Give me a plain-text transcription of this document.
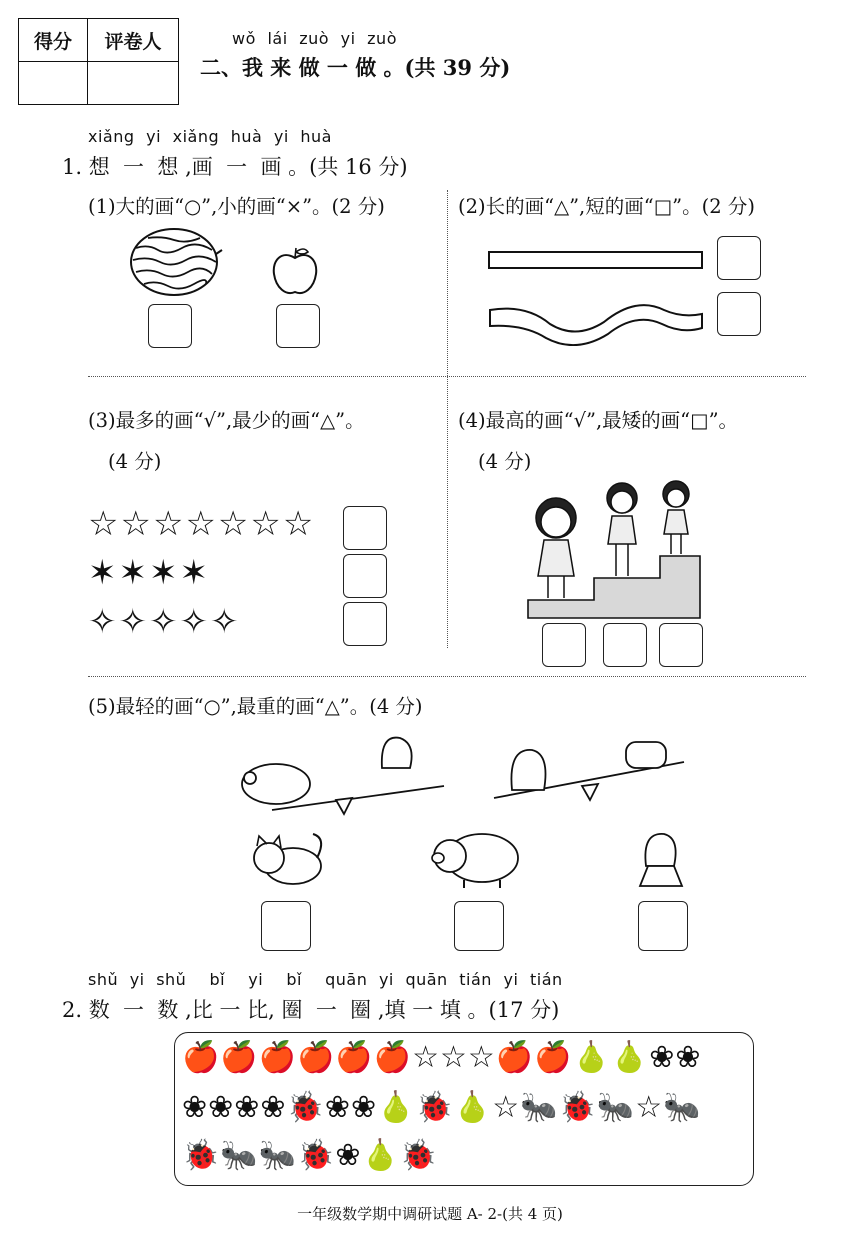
得分	评卷人
		wǒ lái zuò yi zuò
二、我 来 做 一 做 。(共 39 分)
xiǎng yi xiǎng huà yi huà
1. 想  一  想 ,画  一  画 。(共 16 分)
(1)大的画“○”,小的画“×”。(2 分)	(2)长的画“△”,短的画“□”。(2 分)
(3)最多的画“√”,最少的画“△”。
(4 分)
☆☆☆☆☆☆☆
✶✶✶✶
✧✧✧✧✧
(4)最高的画“√”,最矮的画“□”。
(4 分)
(5)最轻的画“○”,最重的画“△”。(4 分)
shǔ yi shǔ  bǐ  yi  bǐ  quān yi quān tián yi tián
2. 数  一  数 ,比 一 比, 圈  一  圈 ,填 一 填 。(17 分)
🍎🍎🍎🍎🍎🍎☆☆☆🍎🍎🍐🍐❀❀
❀❀❀❀🐞❀❀🍐🐞🍐☆🐜🐞🐜☆🐜
🐞🐜🐜🐞❀🍐🐞
一年级数学期中调研试题 A- 2-(共 4 页)
